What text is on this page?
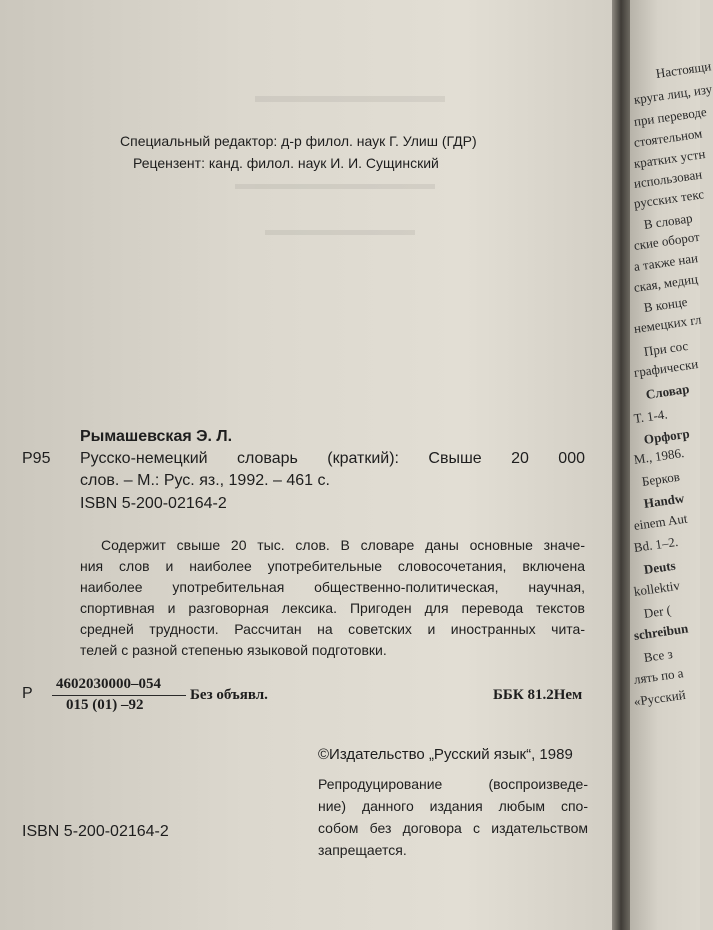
Настоящи
круга лиц, изу
при переводе
стоятельном
кратких устн
использован
русских текс
В словар
ские оборот
а также наи
ская, медиц
В конце
немецких гл
При сос
графически
Словар
Т. 1-4.
Орфогр
М., 1986.
Берков
Handw
einem Aut
Bd. 1–2.
Deuts
kollektiv
Der (
schreibun
Все з
лять по а
«Русский
Специальный редактор: д-р филол. наук Г. Улиш (ГДР)
Рецензент: канд. филол. наук И. И. Сущинский
Рымашевская Э. Л.
Р95 Русско-немецкий словарь (краткий): Свыше 20 000
слов. – М.: Рус. яз., 1992. – 461 с.
ISBN 5-200-02164-2
Содержит свыше 20 тыс. слов. В словаре даны основные значе-
ния слов и наиболее употребительные словосочетания, включена
наиболее употребительная общественно-политическая, научная,
спортивная и разговорная лексика. Пригоден для перевода текстов
средней трудности. Рассчитан на советских и иностранных чита-
телей с разной степенью языковой подготовки.
Р
4602030000–054
015 (01) –92
Без объявл.	ББК 81.2Нем
©Издательство „Русский язык“, 1989
Репродуцирование (воспроизведе-
ние) данного издания любым спо-
собом без договора с издательством
запрещается.
ISBN 5-200-02164-2
